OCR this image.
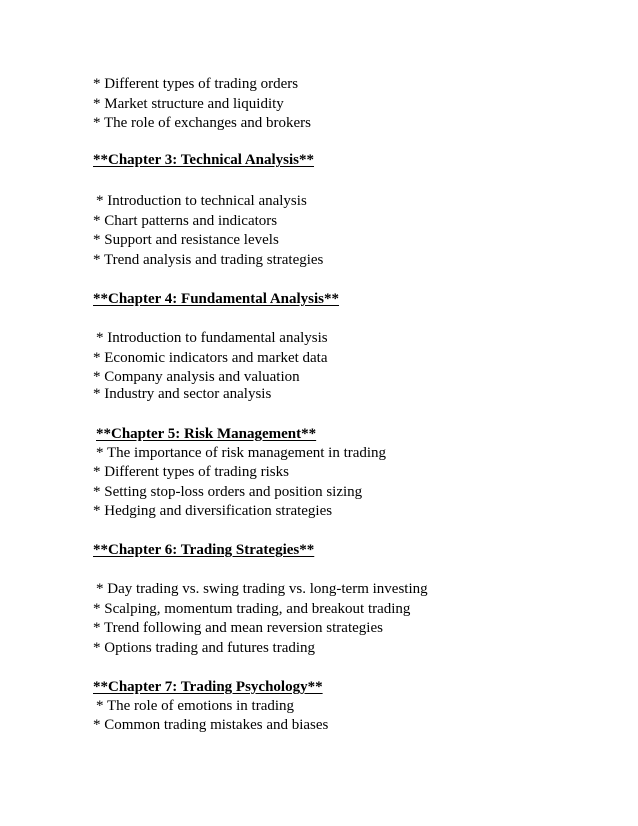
* Different types of trading orders
* Market structure and liquidity
* The role of exchanges and brokers
**Chapter 3: Technical Analysis**
* Introduction to technical analysis
* Chart patterns and indicators
* Support and resistance levels
* Trend analysis and trading strategies
**Chapter 4: Fundamental Analysis**
* Introduction to fundamental analysis
* Economic indicators and market data
* Company analysis and valuation
* Industry and sector analysis
**Chapter 5: Risk Management**
* The importance of risk management in trading
* Different types of trading risks
* Setting stop-loss orders and position sizing
* Hedging and diversification strategies
**Chapter 6: Trading Strategies**
* Day trading vs. swing trading vs. long-term investing
* Scalping, momentum trading, and breakout trading
* Trend following and mean reversion strategies
* Options trading and futures trading
**Chapter 7: Trading Psychology**
* The role of emotions in trading
* Common trading mistakes and biases
